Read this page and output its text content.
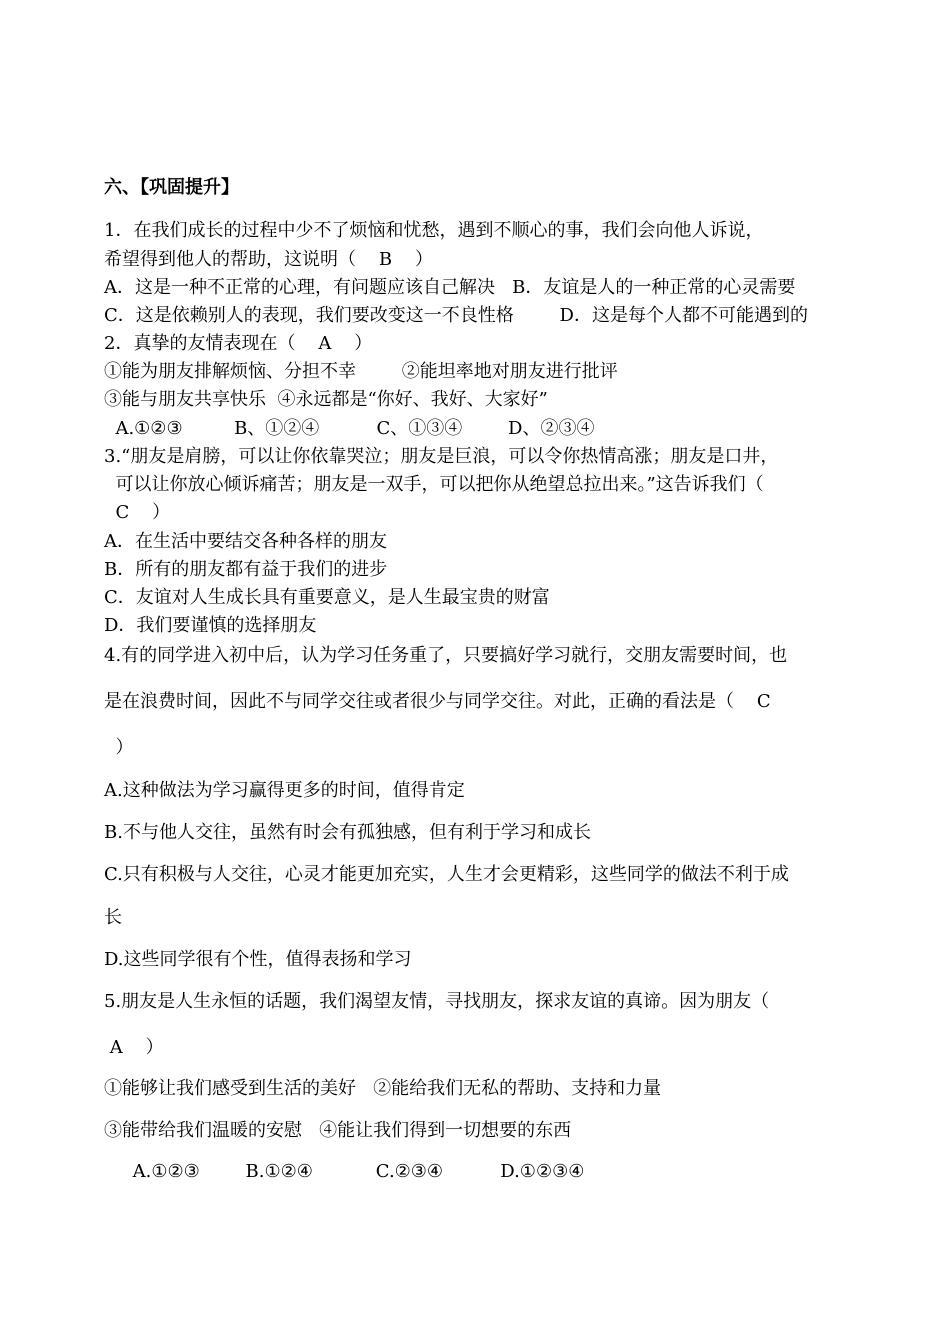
六、【巩固提升】
1．在我们成长的过程中少不了烦恼和忧愁，遇到不顺心的事，我们会向他人诉说，
希望得到他人的帮助，这说明（    B    ）
A．这是一种不正常的心理，有问题应该自己解决   B．友谊是人的一种正常的心灵需要
C．这是依赖别人的表现，我们要改变这一不良性格        D．这是每个人都不可能遇到的
2．真挚的友情表现在（    A    ）
①能为朋友排解烦恼、分担不幸        ②能坦率地对朋友进行批评
③能与朋友共享快乐  ④永远都是“你好、我好、大家好”
A.①②③         B、①②④          C、①③④        D、②③④
3.“朋友是肩膀，可以让你依靠哭泣；朋友是巨浪，可以令你热情高涨；朋友是口井，
可以让你放心倾诉痛苦；朋友是一双手，可以把你从绝望总拉出来。”这告诉我们（
C    ）
A．在生活中要结交各种各样的朋友
B．所有的朋友都有益于我们的进步
C．友谊对人生成长具有重要意义，是人生最宝贵的财富
D．我们要谨慎的选择朋友
4.有的同学进入初中后，认为学习任务重了，只要搞好学习就行，交朋友需要时间，也
是在浪费时间，因此不与同学交往或者很少与同学交往。对此，正确的看法是（    C
）
A.这种做法为学习赢得更多的时间，值得肯定
B.不与他人交往，虽然有时会有孤独感，但有利于学习和成长
C.只有积极与人交往，心灵才能更加充实，人生才会更精彩，这些同学的做法不利于成
长
D.这些同学很有个性，值得表扬和学习
5.朋友是人生永恒的话题，我们渴望友情，寻找朋友，探求友谊的真谛。因为朋友（
A    ）
①能够让我们感受到生活的美好   ②能给我们无私的帮助、支持和力量
③能带给我们温暖的安慰   ④能让我们得到一切想要的东西
A.①②③        B.①②④           C.②③④          D.①②③④
